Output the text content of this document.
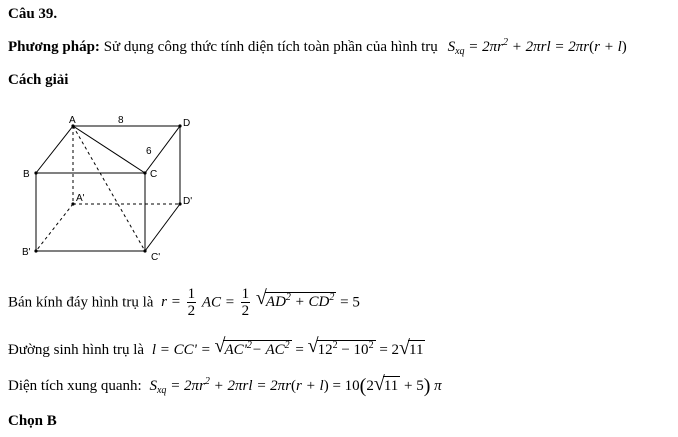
Câu 39.
Phương pháp: Sử dụng công thức tính diện tích toàn phần của hình trụ $S_{xq} = 2\pi r^2 + 2\pi rl = 2\pi r(r + l)$
Cách giải
A	D
B	C
A'	D'
B'	C'
8
6
Bán kính đáy hình trụ là $r = \frac{1}{2}$ AC = $\frac{1}{2}$
√ $AD^2 + CD^2 = 5$
Đường sinh hình trụ là l = CC' = √ $AC'^2- AC^2$ = √ $12^2 - 10^2 = 2$ √ 11
Diện tích xung quanh: $S_{xq} = 2\pi r^2 + 2\pi rl = 2\pi r(r + l) = 10(2$ √ 11 + 5) π
Chọn B
